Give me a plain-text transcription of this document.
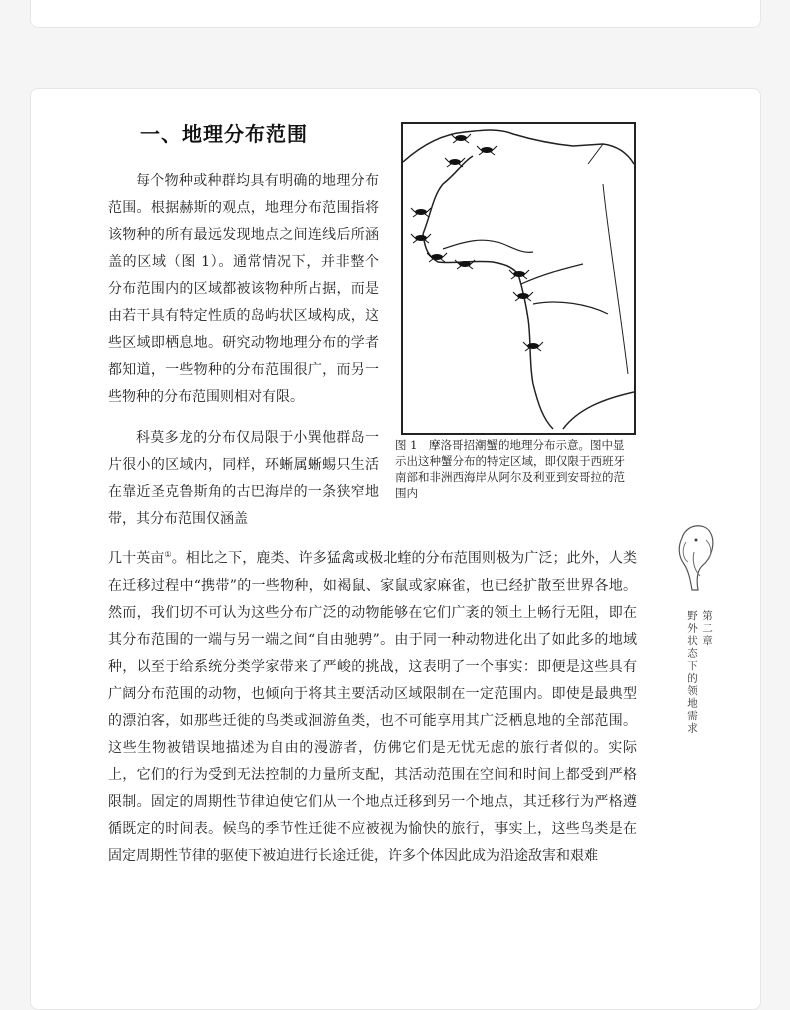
一、地理分布范围

每个物种或种群均具有明确的地理分布范围。根据赫斯的观点，地理分布范围指将该物种的所有最远发现地点之间连线后所涵盖的区域（图 1）。通常情况下，并非整个分布范围内的区域都被该物种所占据，而是由若干具有特定性质的岛屿状区域构成，这些区域即栖息地。研究动物地理分布的学者都知道，一些物种的分布范围很广，而另一些物种的分布范围则相对有限。

科莫多龙的分布仅局限于小巽他群岛一片很小的区域内，同样，环蜥属蜥蜴只生活在靠近圣克鲁斯角的古巴海岸的一条狭窄地带，其分布范围仅涵盖

几十英亩①。相比之下，鹿类、许多猛禽或极北蝰的分布范围则极为广泛；此外，人类在迁移过程中“携带”的一些物种，如褐鼠、家鼠或家麻雀，也已经扩散至世界各地。然而，我们切不可认为这些分布广泛的动物能够在它们广袤的领土上畅行无阻，即在其分布范围的一端与另一端之间“自由驰骋”。由于同一种动物进化出了如此多的地域种，以至于给系统分类学家带来了严峻的挑战，这表明了一个事实：即便是这些具有广阔分布范围的动物，也倾向于将其主要活动区域限制在一定范围内。即使是最典型的漂泊客，如那些迁徙的鸟类或洄游鱼类，也不可能享用其广泛栖息地的全部范围。这些生物被错误地描述为自由的漫游者，仿佛它们是无忧无虑的旅行者似的。实际上，它们的行为受到无法控制的力量所支配，其活动范围在空间和时间上都受到严格限制。固定的周期性节律迫使它们从一个地点迁移到另一个地点，其迁移行为严格遵循既定的时间表。候鸟的季节性迁徙不应被视为愉快的旅行，事实上，这些鸟类是在固定周期性节律的驱使下被迫进行长途迁徙，许多个体因此成为沿途敌害和艰难

图 1　摩洛哥招潮蟹的地理分布示意。图中显示出这种蟹分布的特定区域，即仅限于西班牙南部和非洲西海岸从阿尔及利亚到安哥拉的范围内
第二章
野外状态下的领地需求
